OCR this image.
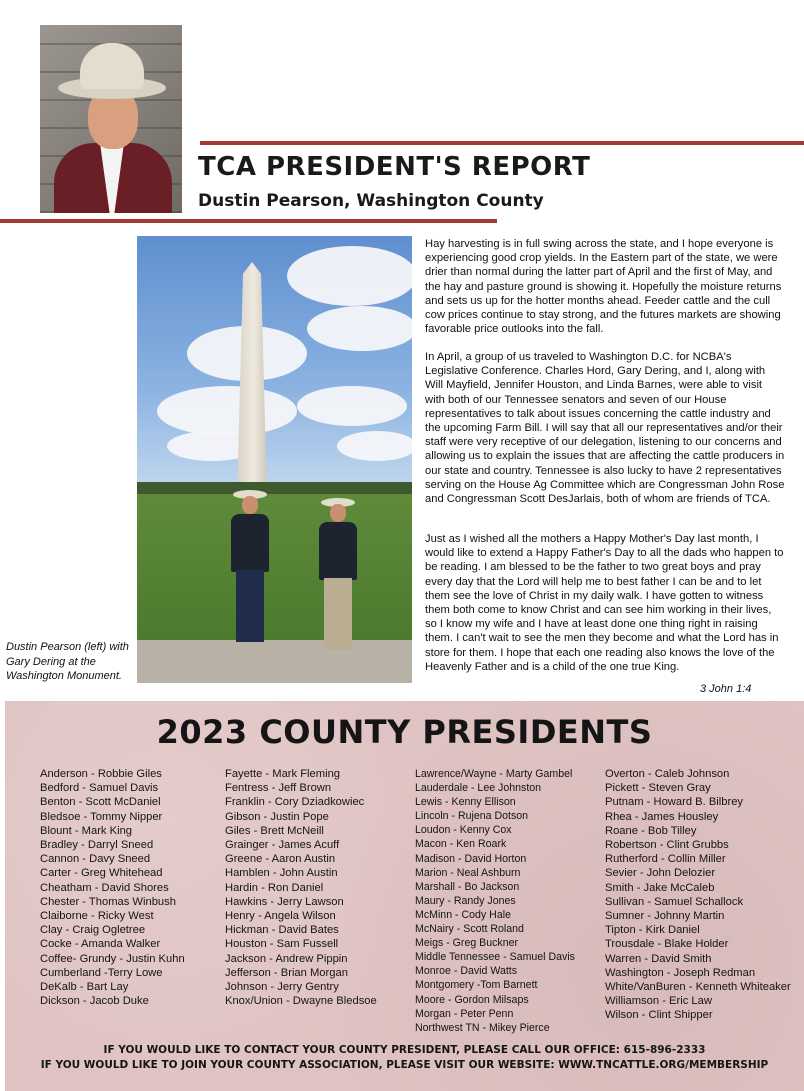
TCA PRESIDENT'S REPORT
Dustin Pearson, Washington County

Dustin Pearson (left) with Gary Dering at the Washington Monument.

Hay harvesting is in full swing across the state, and I hope everyone is experiencing good crop yields. In the Eastern part of the state, we were drier than normal during the latter part of April and the first of May, and the hay and pasture ground is showing it. Hopefully the moisture returns and sets us up for the hotter months ahead. Feeder cattle and the cull cow prices continue to stay strong, and the futures markets are showing favorable price outlooks into the fall.

In April, a group of us traveled to Washington D.C. for NCBA's Legislative Conference. Charles Hord, Gary Dering, and I, along with Will Mayfield, Jennifer Houston, and Linda Barnes, were able to visit with both of our Tennessee senators and seven of our House representatives to talk about issues concerning the cattle industry and the upcoming Farm Bill. I will say that all our representatives and/or their staff were very receptive of our delegation, listening to our concerns and allowing us to explain the issues that are affecting the cattle producers in our state and country. Tennessee is also lucky to have 2 representatives serving on the House Ag Committee which are Congressman John Rose and Congressman Scott DesJarlais, both of whom are friends of TCA.

Just as I wished all the mothers a Happy Mother's Day last month, I would like to extend a Happy Father's Day to all the dads who happen to be reading. I am blessed to be the father to two great boys and pray every day that the Lord will help me to best father I can be and to let them see the love of Christ in my daily walk. I have gotten to witness them both come to know Christ and can see him working in their lives, so I know my wife and I have at least done one thing right in raising them. I can't wait to see the men they become and what the Lord has in store for them. I hope that each one reading also knows the love of the Heavenly Father and is a child of the one true King.

3 John 1:4

2023 COUNTY PRESIDENTS
Anderson - Robbie Giles
Bedford - Samuel Davis
Benton - Scott McDaniel
Bledsoe - Tommy Nipper
Blount - Mark King
Bradley - Darryl Sneed
Cannon - Davy Sneed
Carter - Greg Whitehead
Cheatham - David Shores
Chester - Thomas Winbush
Claiborne - Ricky West
Clay - Craig Ogletree
Cocke - Amanda Walker
Coffee- Grundy - Justin Kuhn
Cumberland -Terry Lowe
DeKalb - Bart Lay
Dickson - Jacob Duke
Fayette - Mark Fleming
Fentress - Jeff Brown
Franklin - Cory Dziadkowiec
Gibson - Justin Pope
Giles - Brett McNeill
Grainger - James Acuff
Greene - Aaron Austin
Hamblen - John Austin
Hardin - Ron Daniel
Hawkins - Jerry Lawson
Henry - Angela Wilson
Hickman - David Bates
Houston - Sam Fussell
Jackson - Andrew Pippin
Jefferson - Brian Morgan
Johnson - Jerry Gentry
Knox/Union - Dwayne Bledsoe
Lawrence/Wayne - Marty Gambel
Lauderdale - Lee Johnston
Lewis - Kenny Ellison
Lincoln - Rujena Dotson
Loudon - Kenny Cox
Macon - Ken Roark
Madison - David Horton
Marion - Neal Ashburn
Marshall - Bo Jackson
Maury - Randy Jones
McMinn - Cody Hale
McNairy - Scott Roland
Meigs - Greg Buckner
Middle Tennessee - Samuel Davis
Monroe - David Watts
Montgomery -Tom Barnett
Moore - Gordon Milsaps
Morgan - Peter Penn
Northwest TN - Mikey Pierce
Overton - Caleb Johnson
Pickett - Steven Gray
Putnam - Howard B. Bilbrey
Rhea - James Housley
Roane - Bob Tilley
Robertson - Clint Grubbs
Rutherford - Collin Miller
Sevier - John Delozier
Smith - Jake McCaleb
Sullivan - Samuel Schallock
Sumner - Johnny Martin
Tipton - Kirk Daniel
Trousdale - Blake Holder
Warren - David Smith
Washington - Joseph Redman
White/VanBuren - Kenneth Whiteaker
Williamson - Eric Law
Wilson - Clint Shipper

IF YOU WOULD LIKE TO CONTACT YOUR COUNTY PRESIDENT, PLEASE CALL OUR OFFICE: 615-896-2333

IF YOU WOULD LIKE TO JOIN YOUR COUNTY ASSOCIATION, PLEASE VISIT OUR WEBSITE: WWW.TNCATTLE.ORG/MEMBERSHIP
